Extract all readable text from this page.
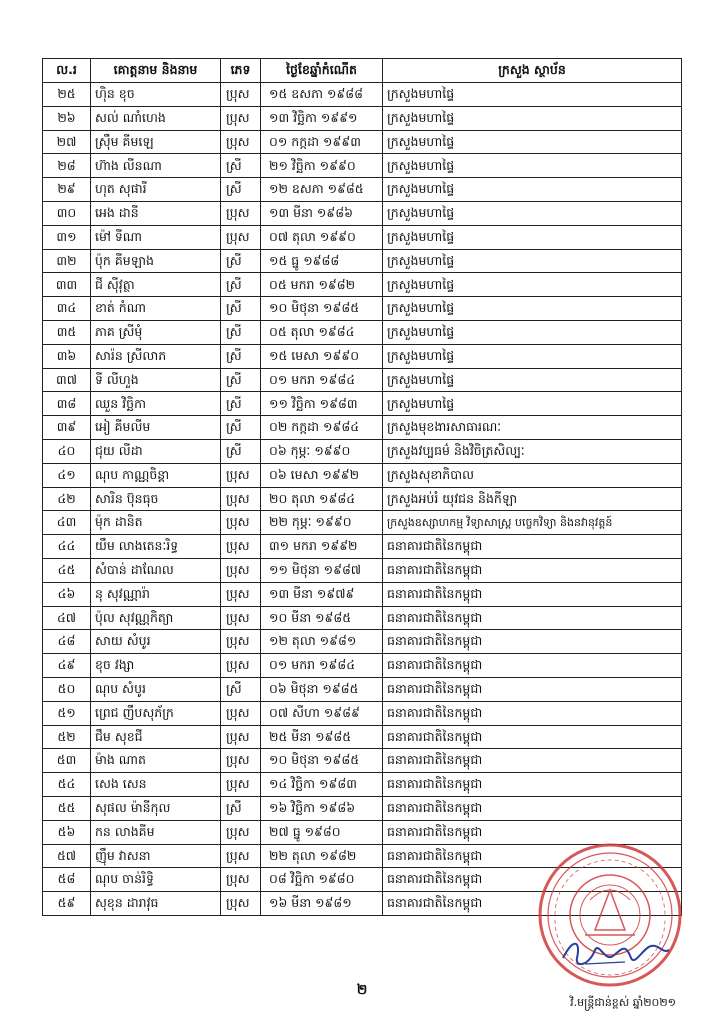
ល.រ	គោត្តនាម និងនាម	ភេទ	ថ្ងៃខែឆ្នាំកំណើត	ក្រសួង ស្ថាប័ន
២៥	ហ៊ិន ខុច	ប្រុស	១៥ ឧសភា ១៩៨៨	ក្រសួងមហាផ្ទៃ
២៦	សល់ ណាំហេង	ប្រុស	១៣ វិច្ឆិកា ១៩៩១	ក្រសួងមហាផ្ទៃ
២៧	ស្រ៊ឹម គីមឡេ	ប្រុស	០១ កក្កដា ១៩៩៣	ក្រសួងមហាផ្ទៃ
២៨	ហ៊ាង លីនណា	ស្រី	២១ វិច្ឆិកា ១៩៩០	ក្រសួងមហាផ្ទៃ
២៩	ហុត សុផារី	ស្រី	១២ ឧសភា ១៩៨៥	ក្រសួងមហាផ្ទៃ
៣០	អេង ដានី	ប្រុស	១៣ មីនា ១៩៨៦	ក្រសួងមហាផ្ទៃ
៣១	ម៉ៅ ទីណា	ប្រុស	០៧ តុលា ១៩៩០	ក្រសួងមហាផ្ទៃ
៣២	ប៉ុក គីមឡាង	ស្រី	១៥ ធ្នូ ១៩៨៨	ក្រសួងមហាផ្ទៃ
៣៣	ជី ស៊ីវុត្ថា	ស្រី	០៥ មករា ១៩៨២	ក្រសួងមហាផ្ទៃ
៣៤	ខាត់ កំណា	ស្រី	១០ មិថុនា ១៩៨៥	ក្រសួងមហាផ្ទៃ
៣៥	ភាគ ស្រីមុំ	ស្រី	០៥ តុលា ១៩៨៤	ក្រសួងមហាផ្ទៃ
៣៦	សារ៉ន ស្រីលាភ	ស្រី	១៥ មេសា ១៩៩០	ក្រសួងមហាផ្ទៃ
៣៧	ទី លីហួង	ស្រី	០១ មករា ១៩៨៤	ក្រសួងមហាផ្ទៃ
៣៨	ឈួន វិច្ឆិកា	ស្រី	១១ វិច្ឆិកា ១៩៨៣	ក្រសួងមហាផ្ទៃ
៣៩	អៀ គីមលីម	ស្រី	០២ កក្កដា ១៩៨៤	ក្រសួងមុខងារសាធារណៈ
៤០	ជុយ លីដា	ស្រី	០៦ កុម្ភៈ ១៩៩០	ក្រសួងវប្បធម៌ និងវិចិត្រសិល្បៈ
៤១	ណុប កាណ្ណចិន្តា	ប្រុស	០៦ មេសា ១៩៩២	ក្រសួងសុខាភិបាល
៤២	សារិន ប៊ុនធុច	ប្រុស	២០ តុលា ១៩៨៤	ក្រសួងអប់រំ យុវជន និងកីឡា
៤៣	ម៉ុក ដានិត	ប្រុស	២២ កុម្ភៈ ១៩៩០	ក្រសួងឧស្សាហកម្ម វិទ្យាសាស្ត្រ បច្ចេកវិទ្យា និងនវានុវត្តន៍
៤៤	យឹម លាងតេនៈរិទ្ធ	ប្រុស	៣១ មករា ១៩៩២	ធនាគារជាតិនៃកម្ពុជា
៤៥	សំបាន់ ដាណែល	ប្រុស	១១ មិថុនា ១៩៨៧	ធនាគារជាតិនៃកម្ពុជា
៤៦	នុ សុវណ្ណារ៉ា	ប្រុស	១៣ មីនា ១៩៧៩	ធនាគារជាតិនៃកម្ពុជា
៤៧	ប៉ុល សុវណ្ណកិត្យា	ប្រុស	១០ មីនា ១៩៨៥	ធនាគារជាតិនៃកម្ពុជា
៤៨	សាយ សំបូរ	ប្រុស	១២ តុលា ១៩៨១	ធនាគារជាតិនៃកម្ពុជា
៤៩	ខុច វង្សា	ប្រុស	០១ មករា ១៩៨៤	ធនាគារជាតិនៃកម្ពុជា
៥០	ណុប សំបូរ	ស្រី	០៦ មិថុនា ១៩៨៥	ធនាគារជាតិនៃកម្ពុជា
៥១	ព្រេជ ញឹបសុភ័ក្រ	ប្រុស	០៧ សីហា ១៩៨៩	ធនាគារជាតិនៃកម្ពុជា
៥២	ជឹម សុខជី	ប្រុស	២៥ មីនា ១៩៨៥	ធនាគារជាតិនៃកម្ពុជា
៥៣	ម៉ាង ណាត	ប្រុស	១០ មិថុនា ១៩៨៥	ធនាគារជាតិនៃកម្ពុជា
៥៤	សេង សេន	ប្រុស	១៤ វិច្ឆិកា ១៩៨៣	ធនាគារជាតិនៃកម្ពុជា
៥៥	សុផល ម៉ានីកុល	ស្រី	១៦ វិច្ឆិកា ១៩៨៦	ធនាគារជាតិនៃកម្ពុជា
៥៦	កន លាងគីម	ប្រុស	២៧ ធ្នូ ១៩៨០	ធនាគារជាតិនៃកម្ពុជា
៥៧	ញ៉ឹម វាសនា	ប្រុស	២២ តុលា ១៩៨២	ធនាគារជាតិនៃកម្ពុជា
៥៨	ណុប ចាន់រិទ្ធិ	ប្រុស	០៨ វិច្ឆិកា ១៩៨០	ធនាគារជាតិនៃកម្ពុជា
៥៩	សុខុន ដារាវុធ	ប្រុស	១៦ មីនា ១៩៨១	ធនាគារជាតិនៃកម្ពុជា
២
វិ.មន្ត្រីជាន់ខ្ពស់ ឆ្នាំ២០២១
